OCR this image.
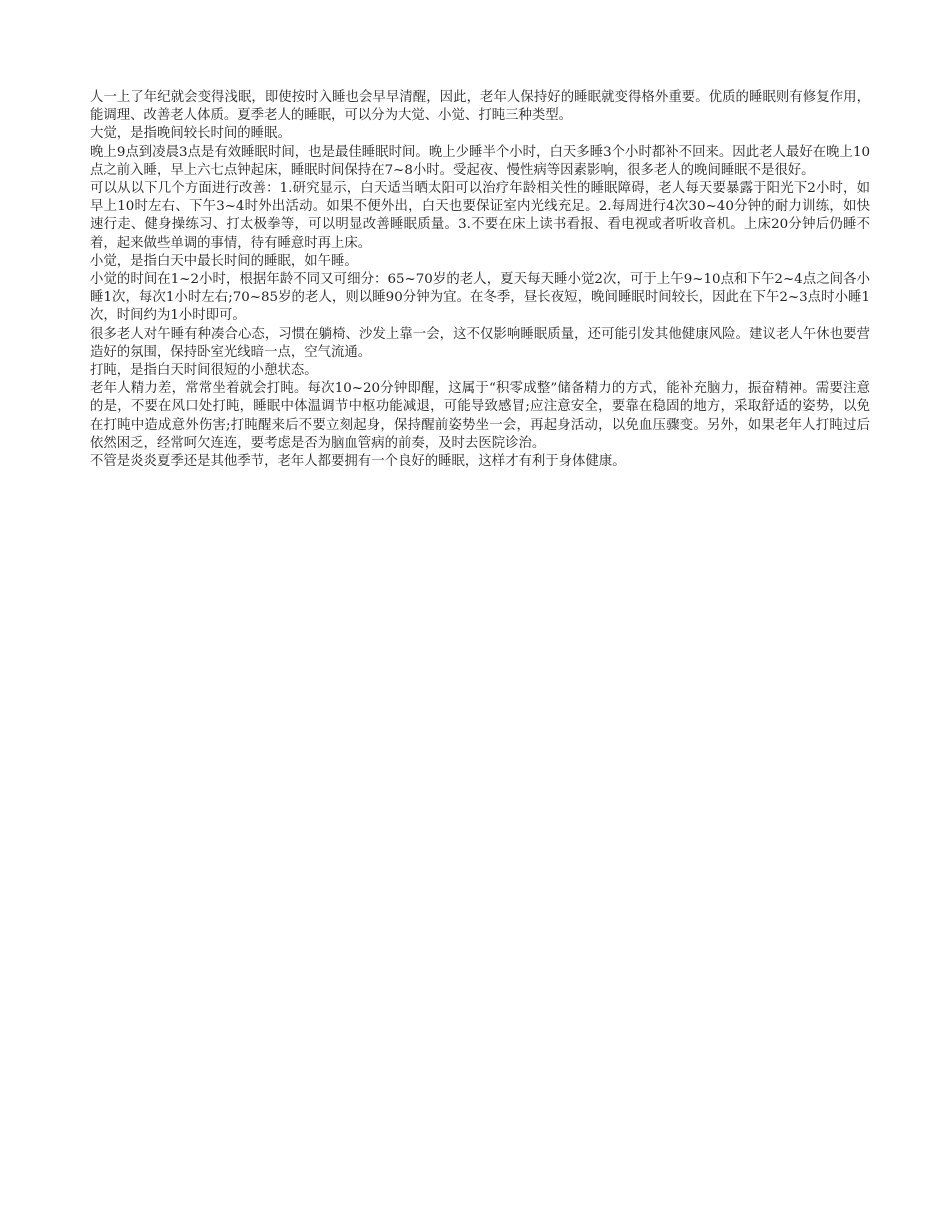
人一上了年纪就会变得浅眠，即使按时入睡也会早早清醒，因此，老年人保持好的睡眠就变得格外重要。优质的睡眠则有修复作用，能调理、改善老人体质。夏季老人的睡眠，可以分为大觉、小觉、打盹三种类型。

大觉，是指晚间较长时间的睡眠。

晚上9点到凌晨3点是有效睡眠时间，也是最佳睡眠时间。晚上少睡半个小时，白天多睡3个小时都补不回来。因此老人最好在晚上10点之前入睡，早上六七点钟起床，睡眠时间保持在7~8小时。受起夜、慢性病等因素影响，很多老人的晚间睡眠不是很好。

可以从以下几个方面进行改善：1.研究显示，白天适当晒太阳可以治疗年龄相关性的睡眠障碍，老人每天要暴露于阳光下2小时，如早上10时左右、下午3~4时外出活动。如果不便外出，白天也要保证室内光线充足。2.每周进行4次30~40分钟的耐力训练，如快速行走、健身操练习、打太极拳等，可以明显改善睡眠质量。3.不要在床上读书看报、看电视或者听收音机。上床20分钟后仍睡不着，起来做些单调的事情，待有睡意时再上床。

小觉，是指白天中最长时间的睡眠，如午睡。

小觉的时间在1~2小时，根据年龄不同又可细分：65~70岁的老人，夏天每天睡小觉2次，可于上午9~10点和下午2~4点之间各小睡1次，每次1小时左右;70~85岁的老人，则以睡90分钟为宜。在冬季，昼长夜短，晚间睡眠时间较长，因此在下午2~3点时小睡1次，时间约为1小时即可。

很多老人对午睡有种凑合心态，习惯在躺椅、沙发上靠一会，这不仅影响睡眠质量，还可能引发其他健康风险。建议老人午休也要营造好的氛围，保持卧室光线暗一点，空气流通。

打盹，是指白天时间很短的小憩状态。

老年人精力差，常常坐着就会打盹。每次10~20分钟即醒，这属于“积零成整”储备精力的方式，能补充脑力，振奋精神。需要注意的是，不要在风口处打盹，睡眠中体温调节中枢功能减退，可能导致感冒;应注意安全，要靠在稳固的地方，采取舒适的姿势，以免在打盹中造成意外伤害;打盹醒来后不要立刻起身，保持醒前姿势坐一会，再起身活动，以免血压骤变。另外，如果老年人打盹过后依然困乏，经常呵欠连连，要考虑是否为脑血管病的前奏，及时去医院诊治。

不管是炎炎夏季还是其他季节，老年人都要拥有一个良好的睡眠，这样才有利于身体健康。
